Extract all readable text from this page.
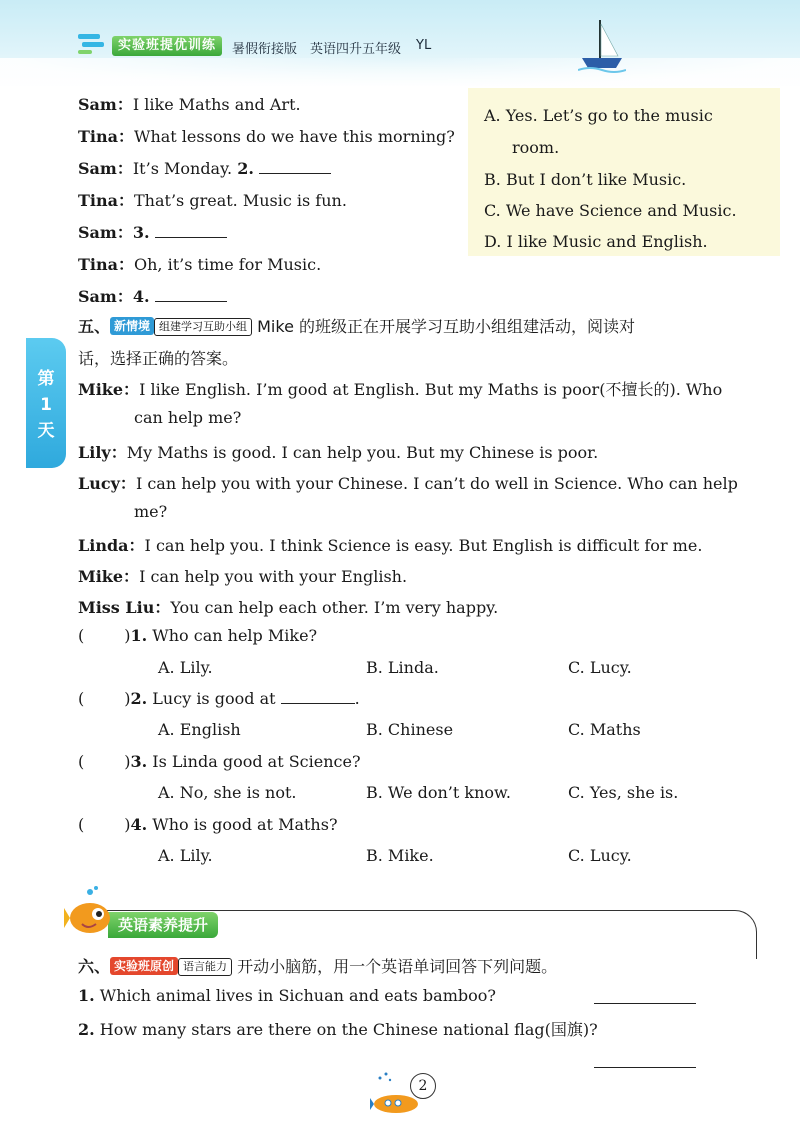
实验班提优训练	暑假衔接版 英语四升五年级 YL
第
1
天
Sam：I like Maths and Art.
Tina：What lessons do we have this morning?
Sam：It’s Monday. 2.
Tina：That’s great. Music is fun.
Sam：3.
Tina：Oh, it’s time for Music.
Sam：4.
A. Yes. Let’s go to the music
room.
B. But I don’t like Music.
C. We have Science and Music.
D. I like Music and English.
五、 新情境 组建学习互助小组 Mike 的班级正在开展学习互助小组组建活动，阅读对
话，选择正确的答案。
Mike：I like English. I’m good at English. But my Maths is poor(不擅长的). Who
can help me?
Lily：My Maths is good. I can help you. But my Chinese is poor.
Lucy：I can help you with your Chinese. I can’t do well in Science. Who can help
me?
Linda：I can help you. I think Science is easy. But English is difficult for me.
Mike：I can help you with your English.
Miss Liu：You can help each other. I’m very happy.
(	)1. Who can help Mike?
A. Lily.	B. Linda.	C. Lucy.
(	)2. Lucy is good at	.
A. English	B. Chinese	C. Maths
(	)3. Is Linda good at Science?
A. No, she is not.	B. We don’t know.	C. Yes, she is.
(	)4. Who is good at Maths?
A. Lily.	B. Mike.	C. Lucy.
英语素养提升
六、 实验班原创 语言能力 开动小脑筋，用一个英语单词回答下列问题。
1. Which animal lives in Sichuan and eats bamboo?
2. How many stars are there on the Chinese national flag(国旗)?
2
